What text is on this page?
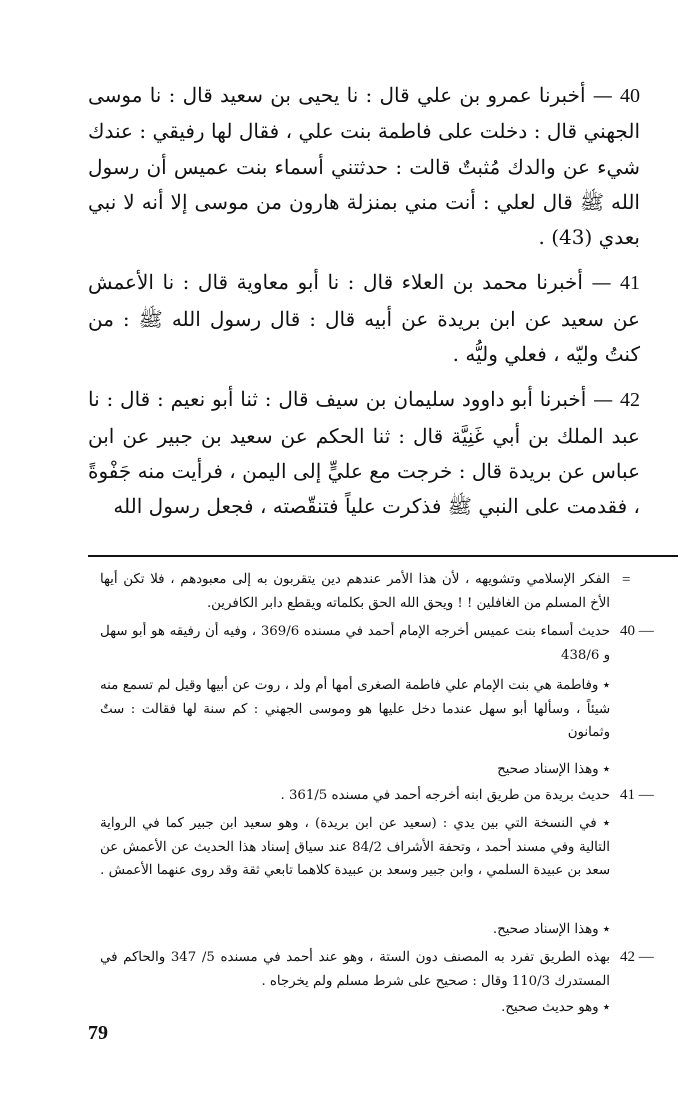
40 — أخبرنا عمرو بن علي قال : نا يحيى بن سعيد قال : نا موسى الجهني قال : دخلت على فاطمة بنت علي ، فقال لها رفيقي : عندك شيء عن والدك مُثبتٌ قالت : حدثتني أسماء بنت عميس أن رسول الله ﷺ قال لعلي : أنت مني بمنزلة هارون من موسى إلا أنه لا نبي بعدي (43) .

41 — أخبرنا محمد بن العلاء قال : نا أبو معاوية قال : نا الأعمش عن سعيد عن ابن بريدة عن أبيه قال : قال رسول الله ﷺ : من كنتُ وليّه ، فعلي وليُّه .

42 — أخبرنا أبو داوود سليمان بن سيف قال : ثنا أبو نعيم : قال : نا عبد الملك بن أبي غَنِيَّة قال : ثنا الحكم عن سعيد بن جبير عن ابن عباس عن بريدة قال : خرجت مع عليٍّ إلى اليمن ، فرأيت منه جَفْوةً ، فقدمت على النبي ﷺ فذكرت علياً فتنقّصته ، فجعل رسول الله

=
الفكر الإسلامي وتشويهه ، لأن هذا الأمر عندهم دين يتقربون به إلى معبودهم ، فلا تكن أيها الأخ المسلم من الغافلين ! ! ويحق الله الحق بكلماته ويقطع دابر الكافرين.
40 —
حديث أسماء بنت عميس أخرجه الإمام أحمد في مسنده 369/6 ، وفيه أن رفيقه هو أبو سهل و 438/6
٭ وفاطمة هي بنت الإمام علي فاطمة الصغرى أمها أم ولد ، روت عن أبيها وقيل لم تسمع منه شيئاً ، وسألها أبو سهل عندما دخل عليها هو وموسى الجهني : كم سنة لها فقالت : ستٌ وثمانون
٭ وهذا الإسناد صحيح
41 —
حديث بريدة من طريق ابنه أخرجه أحمد في مسنده 361/5 .
٭ في النسخة التي بين يدي : (سعيد عن ابن بريدة) ، وهو سعيد ابن جبير كما في الرواية التالية وفي مسند أحمد ، وتحفة الأشراف 84/2 عند سياق إسناد هذا الحديث عن الأعمش عن سعد بن عبيدة السلمي ، وابن جبير وسعد بن عبيدة كلاهما تابعي ثقة وقد روى عنهما الأعمش .
٭ وهذا الإسناد صحيح.
42 —
بهذه الطريق تفرد به المصنف دون الستة ، وهو عند أحمد في مسنده 5/ 347 والحاكم في المستدرك 110/3 وقال : صحيح على شرط مسلم ولم يخرجاه .
٭ وهو حديث صحيح.
79
